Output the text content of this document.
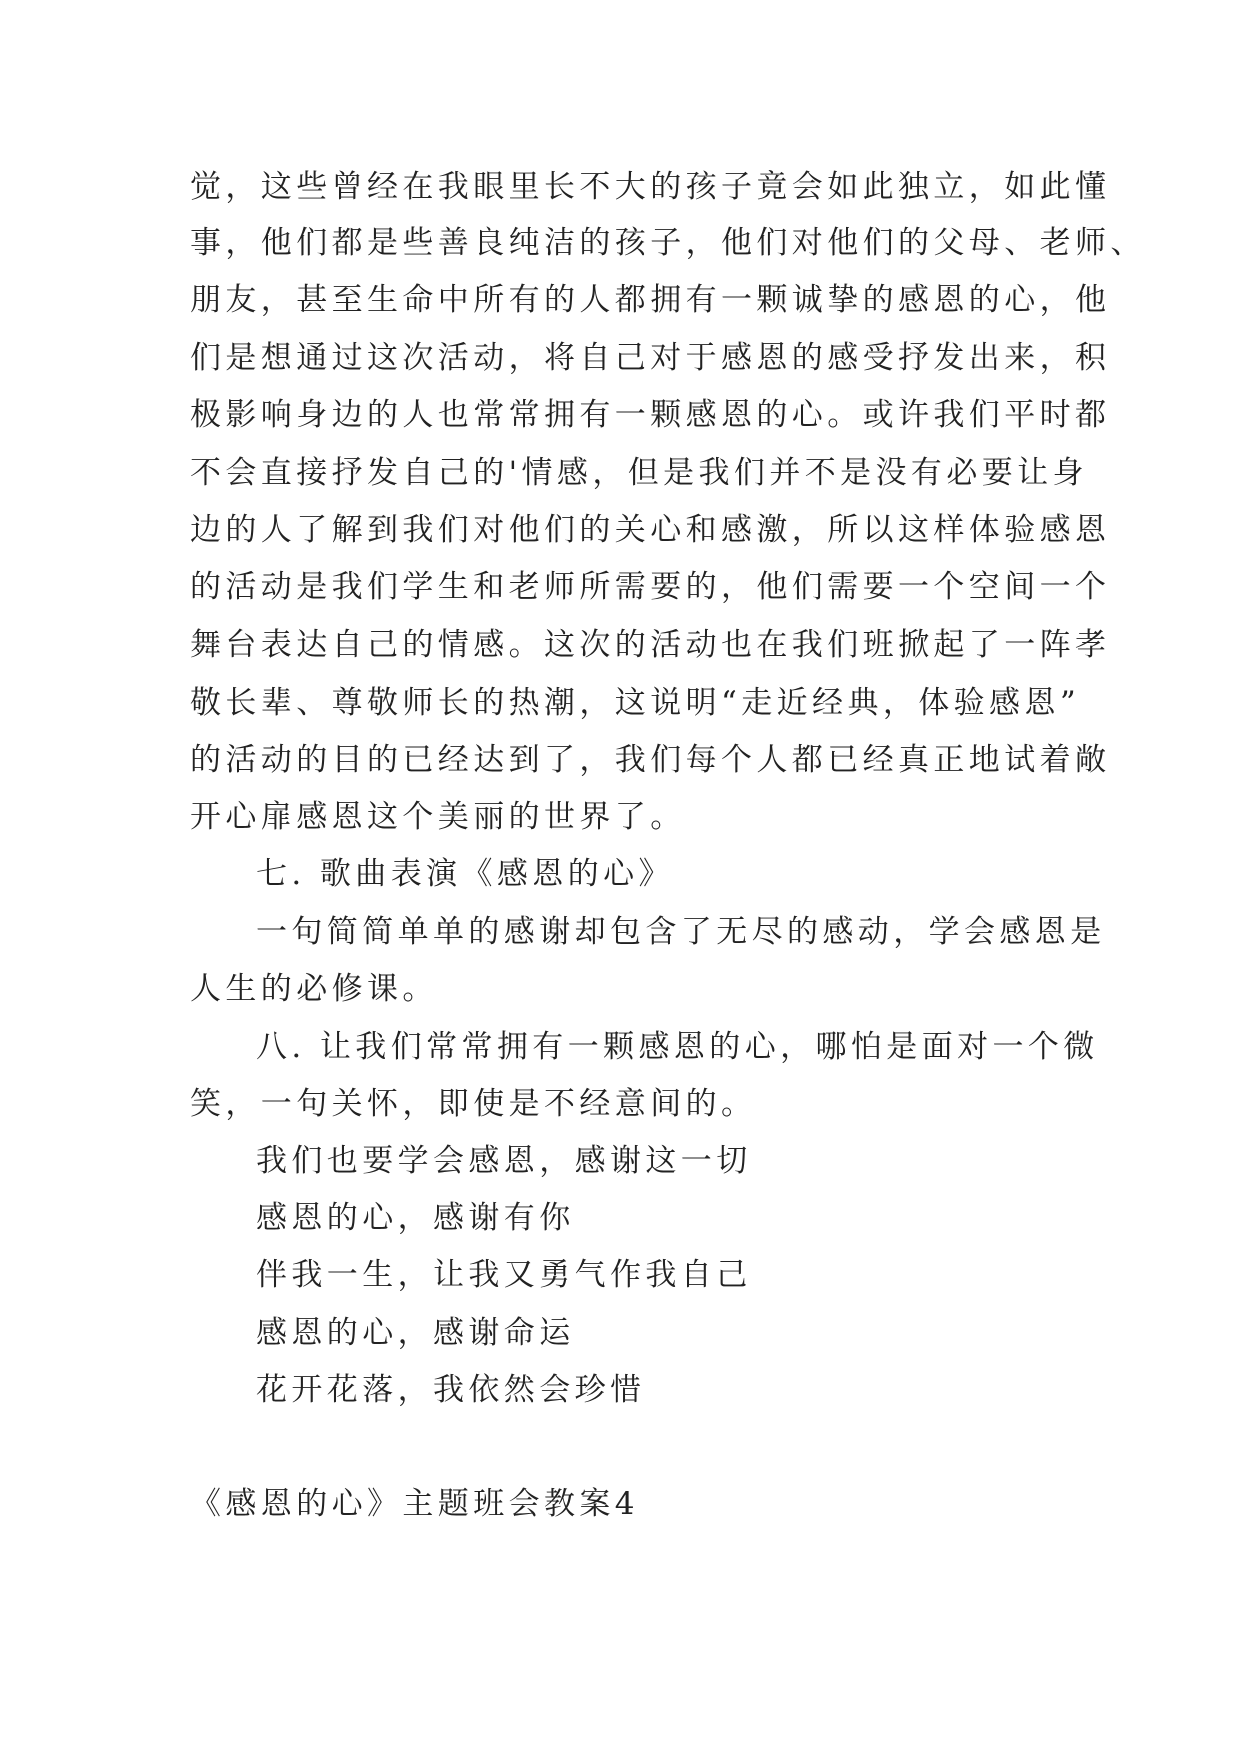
觉，这些曾经在我眼里长不大的孩子竟会如此独立，如此懂
事，他们都是些善良纯洁的孩子，他们对他们的父母、老师、
朋友，甚至生命中所有的人都拥有一颗诚挚的感恩的心，他
们是想通过这次活动，将自己对于感恩的感受抒发出来，积
极影响身边的人也常常拥有一颗感恩的心。或许我们平时都
不会直接抒发自己的'情感，但是我们并不是没有必要让身
边的人了解到我们对他们的关心和感激，所以这样体验感恩
的活动是我们学生和老师所需要的，他们需要一个空间一个
舞台表达自己的情感。这次的活动也在我们班掀起了一阵孝
敬长辈、尊敬师长的热潮，这说明“走近经典，体验感恩”
的活动的目的已经达到了，我们每个人都已经真正地试着敞
开心扉感恩这个美丽的世界了。
七. 歌曲表演《感恩的心》
一句简简单单的感谢却包含了无尽的感动，学会感恩是
人生的必修课。
八. 让我们常常拥有一颗感恩的心，哪怕是面对一个微
笑，一句关怀，即使是不经意间的。
我们也要学会感恩，感谢这一切
感恩的心，感谢有你
伴我一生，让我又勇气作我自己
感恩的心，感谢命运
花开花落，我依然会珍惜
《感恩的心》主题班会教案4
